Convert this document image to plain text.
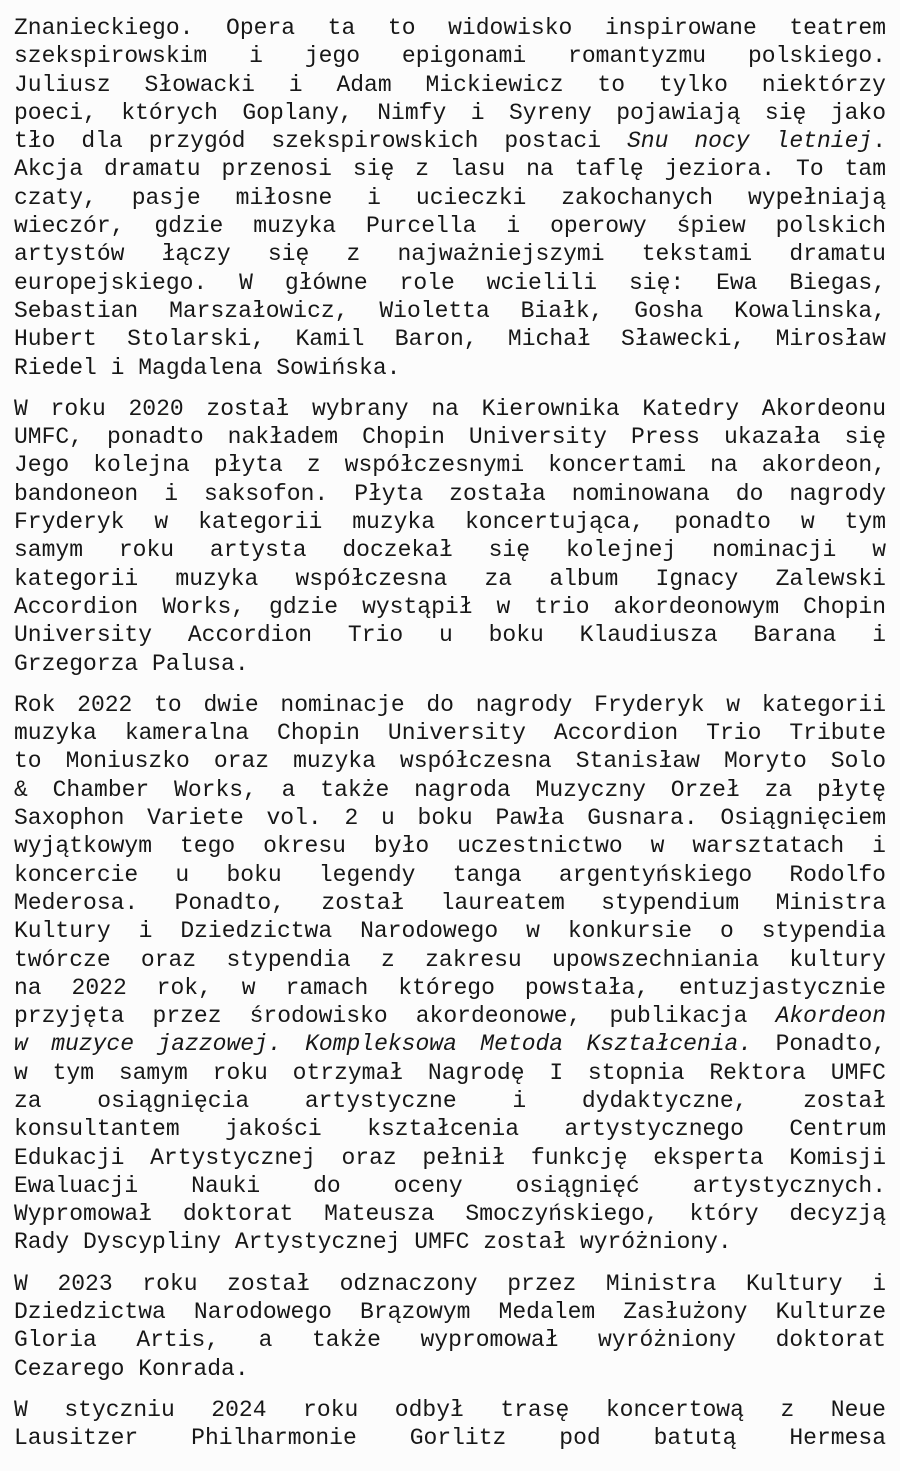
Znanieckiego. Opera ta to widowisko inspirowane teatrem
szekspirowskim i jego epigonami romantyzmu polskiego.
Juliusz Słowacki i Adam Mickiewicz to tylko niektórzy
poeci, których Goplany, Nimfy i Syreny pojawiają się jako
tło dla przygód szekspirowskich postaci Snu nocy letniej.
Akcja dramatu przenosi się z lasu na taflę jeziora. To tam
czaty, pasje miłosne i ucieczki zakochanych wypełniają
wieczór, gdzie muzyka Purcella i operowy śpiew polskich
artystów łączy się z najważniejszymi tekstami dramatu
europejskiego. W główne role wcielili się: Ewa Biegas,
Sebastian Marszałowicz, Wioletta Białk, Gosha Kowalinska,
Hubert Stolarski, Kamil Baron, Michał Sławecki, Mirosław
Riedel i Magdalena Sowińska.

W roku 2020 został wybrany na Kierownika Katedry Akordeonu
UMFC, ponadto nakładem Chopin University Press ukazała się
Jego kolejna płyta z współczesnymi koncertami na akordeon,
bandoneon i saksofon. Płyta została nominowana do nagrody
Fryderyk w kategorii muzyka koncertująca, ponadto w tym
samym roku artysta doczekał się kolejnej nominacji w
kategorii muzyka współczesna za album Ignacy Zalewski
Accordion Works, gdzie wystąpił w trio akordeonowym Chopin
University Accordion Trio u boku Klaudiusza Barana i
Grzegorza Palusa.

Rok 2022 to dwie nominacje do nagrody Fryderyk w kategorii
muzyka kameralna Chopin University Accordion Trio Tribute
to Moniuszko oraz muzyka współczesna Stanisław Moryto Solo
& Chamber Works, a także nagroda Muzyczny Orzeł za płytę
Saxophon Variete vol. 2 u boku Pawła Gusnara. Osiągnięciem
wyjątkowym tego okresu było uczestnictwo w warsztatach i
koncercie u boku legendy tanga argentyńskiego Rodolfo
Mederosa. Ponadto, został laureatem stypendium Ministra
Kultury i Dziedzictwa Narodowego w konkursie o stypendia
twórcze oraz stypendia z zakresu upowszechniania kultury
na 2022 rok, w ramach którego powstała, entuzjastycznie
przyjęta przez środowisko akordeonowe, publikacja Akordeon
w muzyce jazzowej. Kompleksowa Metoda Kształcenia. Ponadto,
w tym samym roku otrzymał Nagrodę I stopnia Rektora UMFC
za osiągnięcia artystyczne i dydaktyczne, został
konsultantem jakości kształcenia artystycznego Centrum
Edukacji Artystycznej oraz pełnił funkcję eksperta Komisji
Ewaluacji Nauki do oceny osiągnięć artystycznych.
Wypromował doktorat Mateusza Smoczyńskiego, który decyzją
Rady Dyscypliny Artystycznej UMFC został wyróżniony.

W 2023 roku został odznaczony przez Ministra Kultury i
Dziedzictwa Narodowego Brązowym Medalem Zasłużony Kulturze
Gloria Artis, a także wypromował wyróżniony doktorat
Cezarego Konrada.

W styczniu 2024 roku odbył trasę koncertową z Neue
Lausitzer Philharmonie Gorlitz pod batutą Hermesa
